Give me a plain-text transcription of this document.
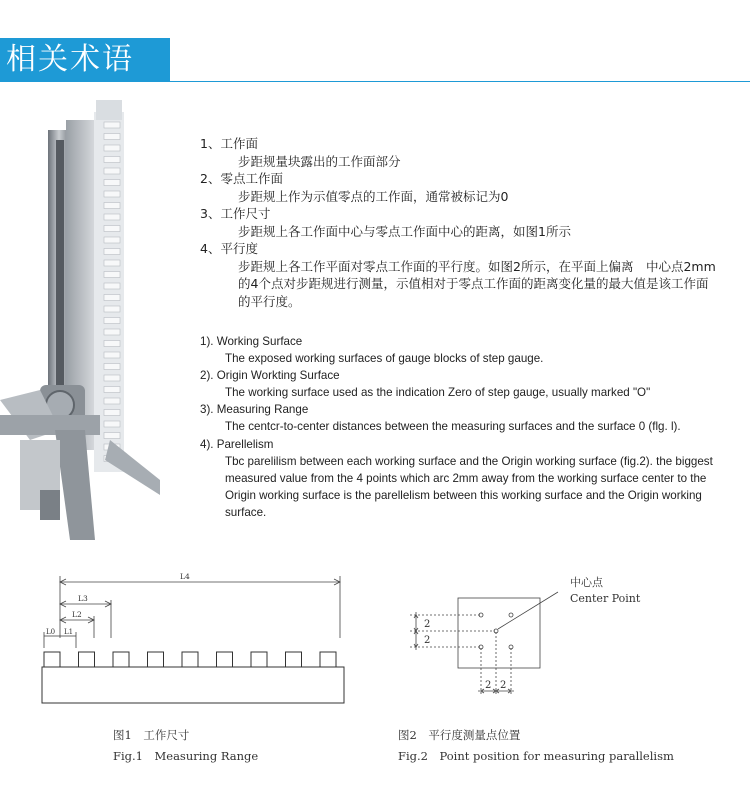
相关术语
1、工作面
步距规量块露出的工作面部分
2、零点工作面
步距规上作为示值零点的工作面，通常被标记为0
3、工作尺寸
步距规上各工作面中心与零点工作面中心的距离，如图1所示
4、平行度
步距规上各工作平面对零点工作面的平行度。如图2所示，在平面上偏离　中心点2mm的4个点对步距规进行测量，示值相对于零点工作面的距离变化量的最大值是该工作面的平行度。
1). Working Surface
The exposed working surfaces of gauge blocks of step gauge.
2). Origin Workting Surface
The working surface used as the indication Zero of step gauge, usually marked "O"
3). Measuring Range
The centcr-to-center distances between the measuring surfaces and the surface 0 (flg. l).
4). Parellelism
Tbc parelilism between each working surface and the Origin working surface (fig.2). the biggest measured value from the 4 points which arc 2mm away from the working surface center to the Origin working surface is the parellelism between this working surface and the Origin working surface.
L4
L3
L2
L1
L0
中心点
Center Point
2
2
2 2
图1　工作尺寸
Fig.1　Measuring Range
图2　平行度测量点位置
Fig.2　Point position for measuring parallelism
